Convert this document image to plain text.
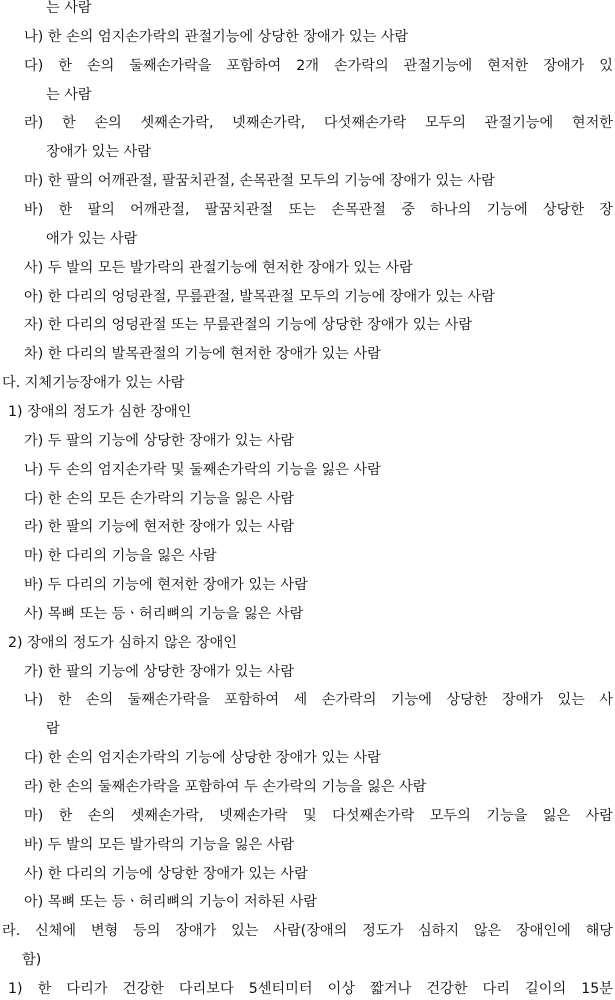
는 사람
나) 한 손의 엄지손가락의 관절기능에 상당한 장애가 있는 사람
다) 한 손의 둘째손가락을 포함하여 2개 손가락의 관절기능에 현저한 장애가 있
는 사람
라) 한 손의 셋째손가락, 넷째손가락, 다섯째손가락 모두의 관절기능에 현저한
장애가 있는 사람
마) 한 팔의 어깨관절, 팔꿈치관절, 손목관절 모두의 기능에 장애가 있는 사람
바) 한 팔의 어깨관절, 팔꿈치관절 또는 손목관절 중 하나의 기능에 상당한 장
애가 있는 사람
사) 두 발의 모든 발가락의 관절기능에 현저한 장애가 있는 사람
아) 한 다리의 엉덩관절, 무릎관절, 발목관절 모두의 기능에 장애가 있는 사람
자) 한 다리의 엉덩관절 또는 무릎관절의 기능에 상당한 장애가 있는 사람
차) 한 다리의 발목관절의 기능에 현저한 장애가 있는 사람
다. 지체기능장애가 있는 사람
1) 장애의 정도가 심한 장애인
가) 두 팔의 기능에 상당한 장애가 있는 사람
나) 두 손의 엄지손가락 및 둘째손가락의 기능을 잃은 사람
다) 한 손의 모든 손가락의 기능을 잃은 사람
라) 한 팔의 기능에 현저한 장애가 있는 사람
마) 한 다리의 기능을 잃은 사람
바) 두 다리의 기능에 현저한 장애가 있는 사람
사) 목뼈 또는 등ㆍ허리뼈의 기능을 잃은 사람
2) 장애의 정도가 심하지 않은 장애인
가) 한 팔의 기능에 상당한 장애가 있는 사람
나) 한 손의 둘째손가락을 포함하여 세 손가락의 기능에 상당한 장애가 있는 사
람
다) 한 손의 엄지손가락의 기능에 상당한 장애가 있는 사람
라) 한 손의 둘째손가락을 포함하여 두 손가락의 기능을 잃은 사람
마) 한 손의 셋째손가락, 넷째손가락 및 다섯째손가락 모두의 기능을 잃은 사람
바) 두 발의 모든 발가락의 기능을 잃은 사람
사) 한 다리의 기능에 상당한 장애가 있는 사람
아) 목뼈 또는 등ㆍ허리뼈의 기능이 저하된 사람
라. 신체에 변형 등의 장애가 있는 사람(장애의 정도가 심하지 않은 장애인에 해당
함)
1) 한 다리가 건강한 다리보다 5센티미터 이상 짧거나 건강한 다리 길이의 15분
